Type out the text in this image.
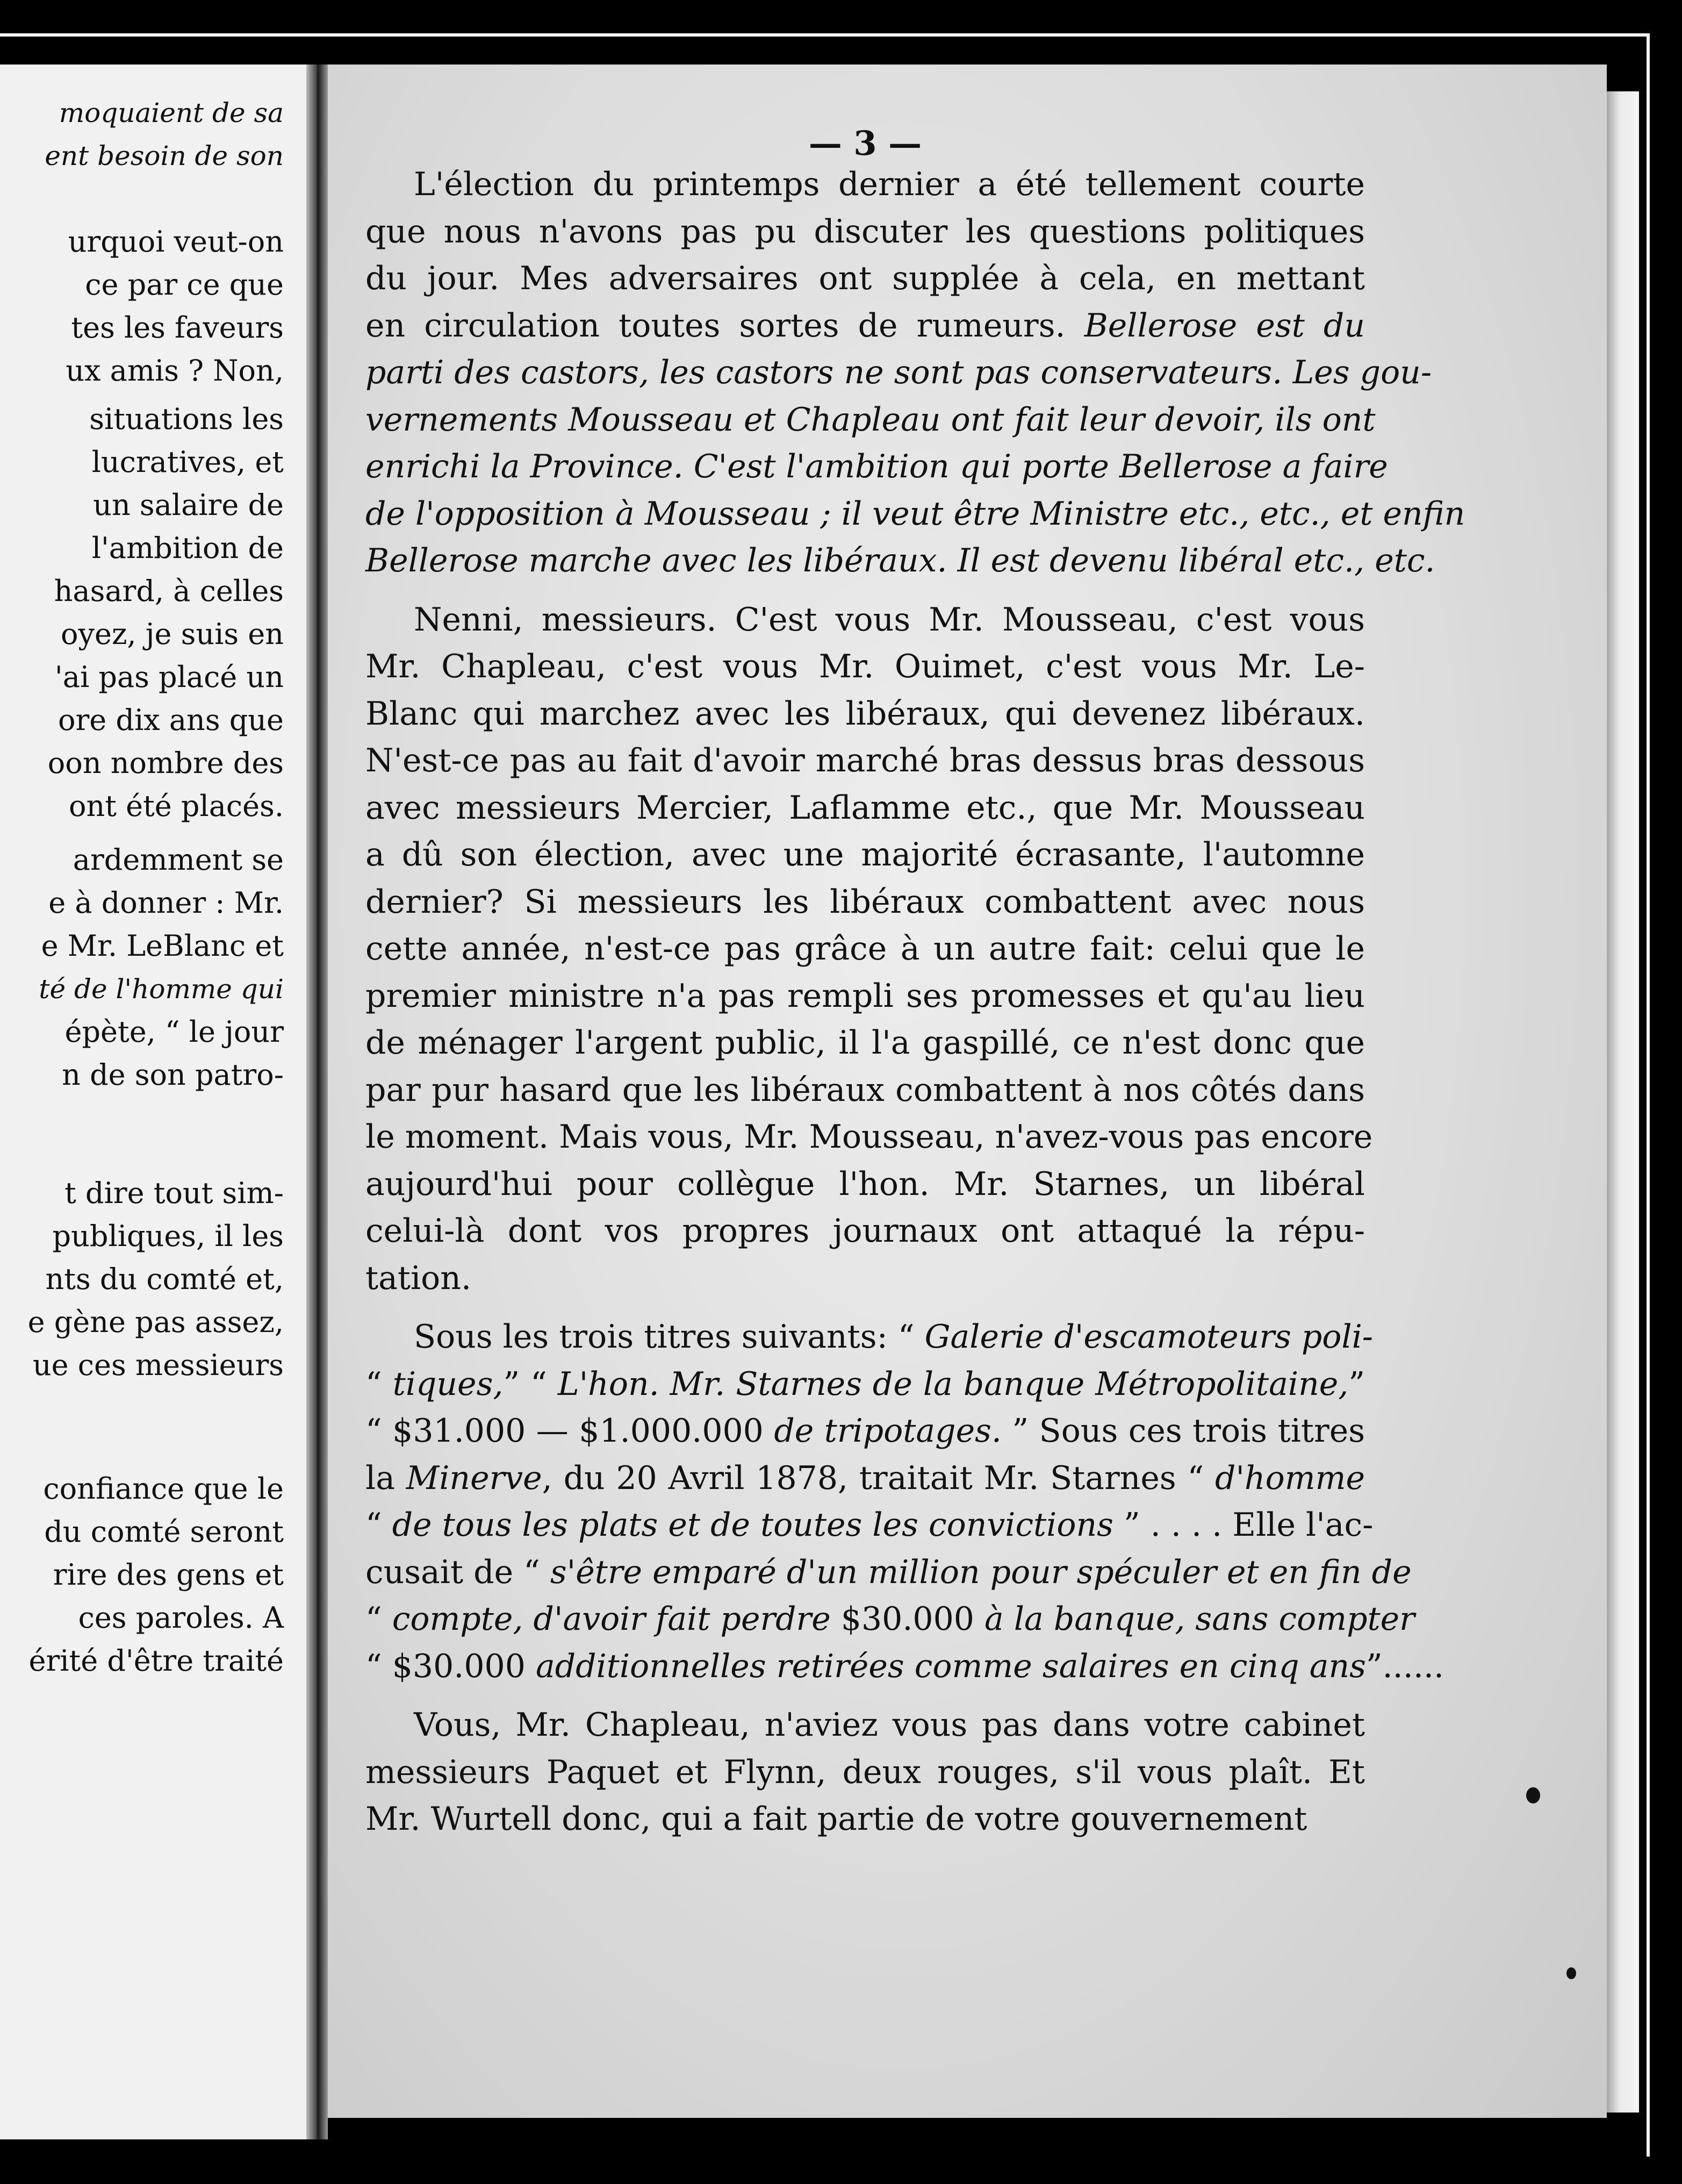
moquaient de sa
ent besoin de son
urquoi veut-on
ce par ce que
tes les faveurs
ux amis ? Non,
situations les
lucratives, et
un salaire de
l'ambition de
hasard, à celles
oyez, je suis en
'ai pas placé un
ore dix ans que
oon nombre des
ont été placés.
ardemment se
e à donner : Mr.
e Mr. LeBlanc et
té de l'homme qui
épète, “ le jour
n de son patro-
t dire tout sim-
publiques, il les
nts du comté et,
e gène pas assez,
ue ces messieurs
confiance que le
du comté seront
rire des gens et
ces paroles. A
érité d'être traité
— 3 —
L'élection du printemps dernier a été tellement courte
que nous n'avons pas pu discuter les questions politiques
du jour. Mes adversaires ont supplée à cela, en mettant
en circulation toutes sortes de rumeurs. Bellerose est du
parti des castors, les castors ne sont pas conservateurs. Les gou-
vernements Mousseau et Chapleau ont fait leur devoir, ils ont
enrichi la Province. C'est l'ambition qui porte Bellerose a faire
de l'opposition à Mousseau ; il veut être Ministre etc., etc., et enfin
Bellerose marche avec les libéraux. Il est devenu libéral etc., etc.
Nenni, messieurs. C'est vous Mr. Mousseau, c'est vous
Mr. Chapleau, c'est vous Mr. Ouimet, c'est vous Mr. Le-
Blanc qui marchez avec les libéraux, qui devenez libéraux.
N'est-ce pas au fait d'avoir marché bras dessus bras dessous
avec messieurs Mercier, Laflamme etc., que Mr. Mousseau
a dû son élection, avec une majorité écrasante, l'automne
dernier? Si messieurs les libéraux combattent avec nous
cette année, n'est-ce pas grâce à un autre fait: celui que le
premier ministre n'a pas rempli ses promesses et qu'au lieu
de ménager l'argent public, il l'a gaspillé, ce n'est donc que
par pur hasard que les libéraux combattent à nos côtés dans
le moment. Mais vous, Mr. Mousseau, n'avez-vous pas encore
aujourd'hui pour collègue l'hon. Mr. Starnes, un libéral
celui-là dont vos propres journaux ont attaqué la répu-
tation.
Sous les trois titres suivants: “ Galerie d'escamoteurs poli-
“ tiques,” “ L'hon. Mr. Starnes de la banque Métropolitaine,”
“ $31.000 — $1.000.000 de tripotages. ” Sous ces trois titres
la Minerve, du 20 Avril 1878, traitait Mr. Starnes “ d'homme
“ de tous les plats et de toutes les convictions ” . . . . Elle l'ac-
cusait de “ s'être emparé d'un million pour spéculer et en fin de
“ compte, d'avoir fait perdre $30.000 à la banque, sans compter
“ $30.000 additionnelles retirées comme salaires en cinq ans”......
Vous, Mr. Chapleau, n'aviez vous pas dans votre cabinet
messieurs Paquet et Flynn, deux rouges, s'il vous plaît. Et
Mr. Wurtell donc, qui a fait partie de votre gouvernement
